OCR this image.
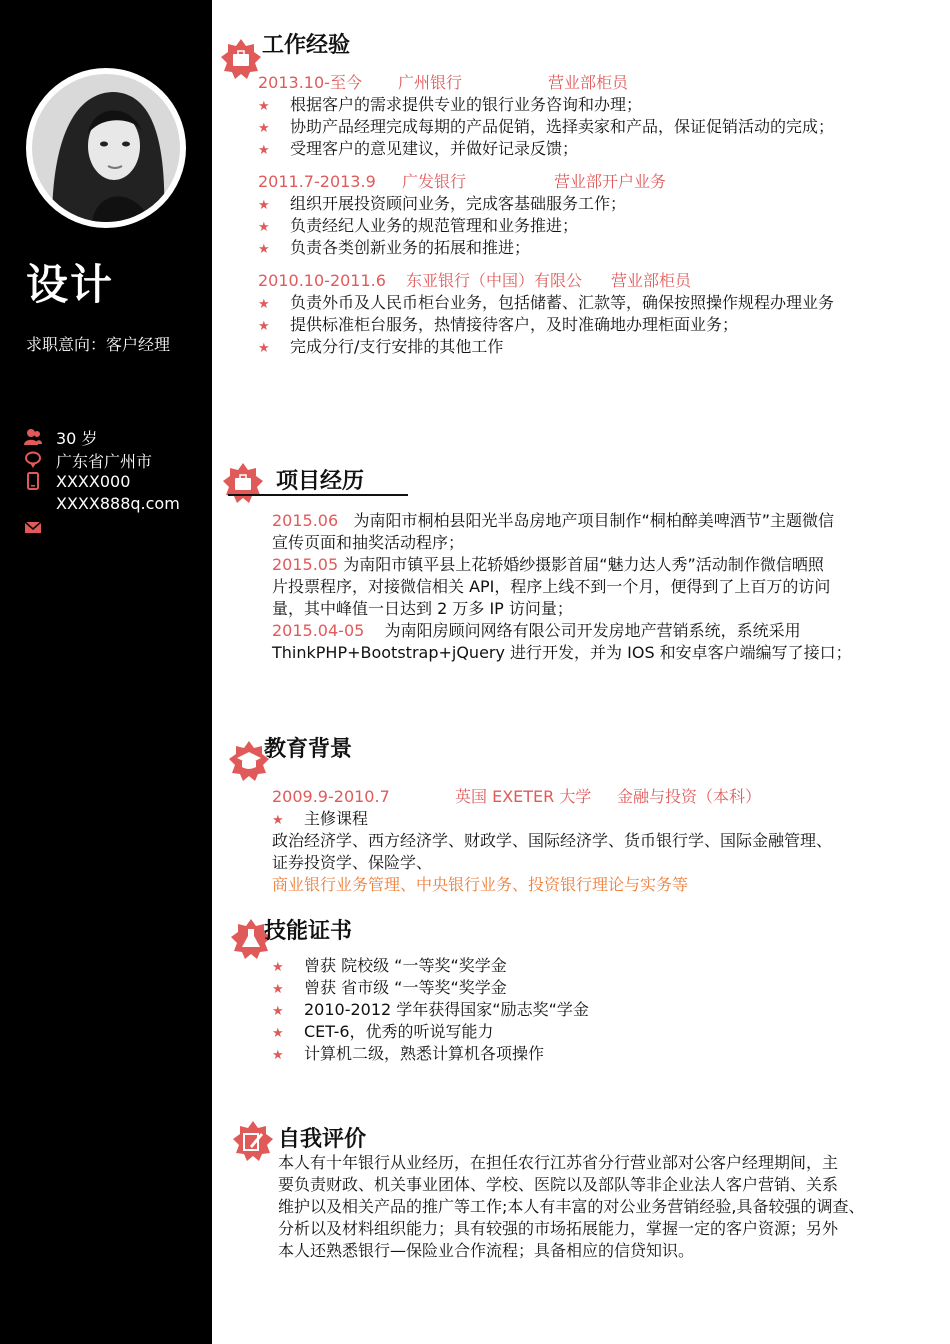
设计
求职意向：客户经理
30 岁
广东省广州市
XXXX000
XXXX888q.com
工作经验
2013.10-至今 广州银行	营业部柜员
★ 根据客户的需求提供专业的银行业务咨询和办理；
★ 协助产品经理完成每期的产品促销，选择卖家和产品，保证促销活动的完成；
★ 受理客户的意见建议，并做好记录反馈；
2011.7-2013.9 广发银行	营业部开户业务
★ 组织开展投资顾问业务，完成客基础服务工作；
★ 负责经纪人业务的规范管理和业务推进；
★ 负责各类创新业务的拓展和推进；
2010.10-2011.6 东亚银行（中国）有限公 营业部柜员
★ 负责外币及人民币柜台业务，包括储蓄、汇款等，确保按照操作规程办理业务
★ 提供标准柜台服务，热情接待客户，及时准确地办理柜面业务；
★ 完成分行/支行安排的其他工作
项目经历
2015.06 为南阳市桐柏县阳光半岛房地产项目制作“桐柏醉美啤酒节”主题微信
宣传页面和抽奖活动程序；
2015.05 为南阳市镇平县上花轿婚纱摄影首届“魅力达人秀”活动制作微信晒照
片投票程序，对接微信相关 API，程序上线不到一个月，便得到了上百万的访问
量，其中峰值一日达到 2 万多 IP 访问量；
2015.04-05 为南阳房顾问网络有限公司开发房地产营销系统，系统采用
ThinkPHP+Bootstrap+jQuery 进行开发，并为 IOS 和安卓客户端编写了接口；
教育背景
2009.9-2010.7	英国 EXETER 大学 金融与投资（本科）
★ 主修课程
政治经济学、西方经济学、财政学、国际经济学、货币银行学、国际金融管理、
证券投资学、保险学、
商业银行业务管理、中央银行业务、投资银行理论与实务等
技能证书
★ 曾获 院校级 “一等奖“奖学金
★ 曾获 省市级 “一等奖“奖学金
★ 2010-2012 学年获得国家“励志奖“学金
★ CET-6，优秀的听说写能力
★ 计算机二级，熟悉计算机各项操作
自我评价
本人有十年银行从业经历，在担任农行江苏省分行营业部对公客户经理期间，主
要负责财政、机关事业团体、学校、医院以及部队等非企业法人客户营销、关系
维护以及相关产品的推广等工作;本人有丰富的对公业务营销经验,具备较强的调查、
分析以及材料组织能力；具有较强的市场拓展能力，掌握一定的客户资源；另外
本人还熟悉银行—保险业合作流程；具备相应的信贷知识。
